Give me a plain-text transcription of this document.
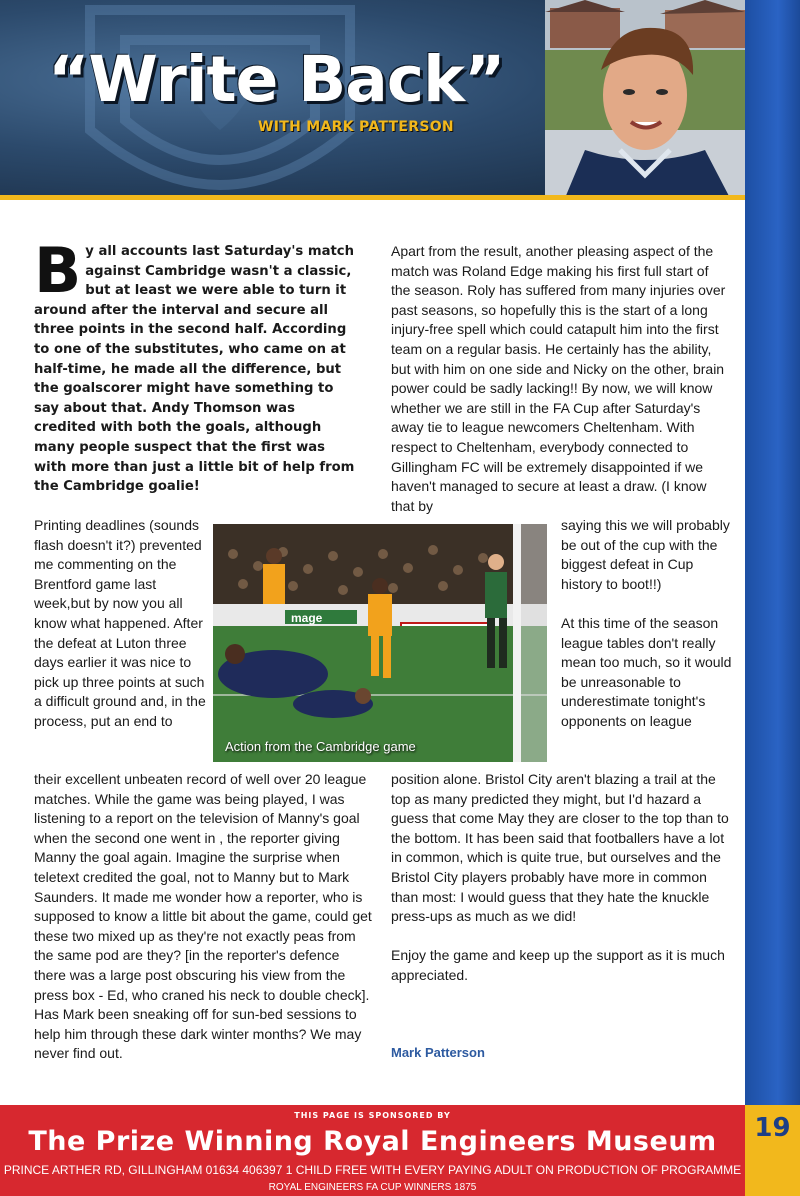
“Write Back”
WITH MARK PATTERSON
B y all accounts last Saturday's match against Cambridge wasn't a classic, but at least we were able to turn it around after the interval and secure all three points in the second half. According to one of the substitutes, who came on at half-time, he made all the difference, but the goalscorer might have something to say about that. Andy Thomson was credited with both the goals, although many people suspect that the first was with more than just a little bit of help from the Cambridge goalie!

Printing deadlines (sounds flash doesn't it?) prevented me commenting on the Brentford game last week,but by now you all know what happened. After the defeat at Luton three days earlier it was nice to pick up three points at such a difficult ground and, in the process, put an end to

mage
Action from the Cambridge game

their excellent unbeaten record of well over 20 league matches. While the game was being played, I was listening to a report on the television of Manny's goal when the second one went in , the reporter giving Manny the goal again. Imagine the surprise when teletext credited the goal, not to Manny but to Mark Saunders. It made me wonder how a reporter, who is supposed to know a little bit about the game, could get these two mixed up as they're not exactly peas from the same pod are they? [in the reporter's defence there was a large post obscuring his view from the press box - Ed, who craned his neck to double check]. Has Mark been sneaking off for sun-bed sessions to help him through these dark winter months? We may never find out.

Apart from the result, another pleasing aspect of the match was Roland Edge making his first full start of the season. Roly has suffered from many injuries over past seasons, so hopefully this is the start of a long injury-free spell which could catapult him into the first team on a regular basis. He certainly has the ability, but with him on one side and Nicky on the other, brain power could be sadly lacking!! By now, we will know whether we are still in the FA Cup after Saturday's away tie to league newcomers Cheltenham. With respect to Cheltenham, everybody connected to Gillingham FC will be extremely disappointed if we haven't managed to secure at least a draw. (I know that by

saying this we will probably be out of the cup with the biggest defeat in Cup history to boot!!)

At this time of the season league tables don't really mean too much, so it would be unreasonable to underestimate tonight's opponents on league

position alone. Bristol City aren't blazing a trail at the top as many predicted they might, but I'd hazard a guess that come May they are closer to the top than to the bottom. It has been said that footballers have a lot in common, which is quite true, but ourselves and the Bristol City players probably have more in common than most: I would guess that they hate the knuckle press-ups as much as we did!

Enjoy the game and keep up the support as it is much appreciated.

Mark Patterson
THIS PAGE IS SPONSORED BY
The Prize Winning Royal Engineers Museum
PRINCE ARTHER RD, GILLINGHAM 01634 406397 1 CHILD FREE WITH EVERY PAYING ADULT ON PRODUCTION OF PROGRAMME
ROYAL ENGINEERS FA CUP WINNERS 1875
19
